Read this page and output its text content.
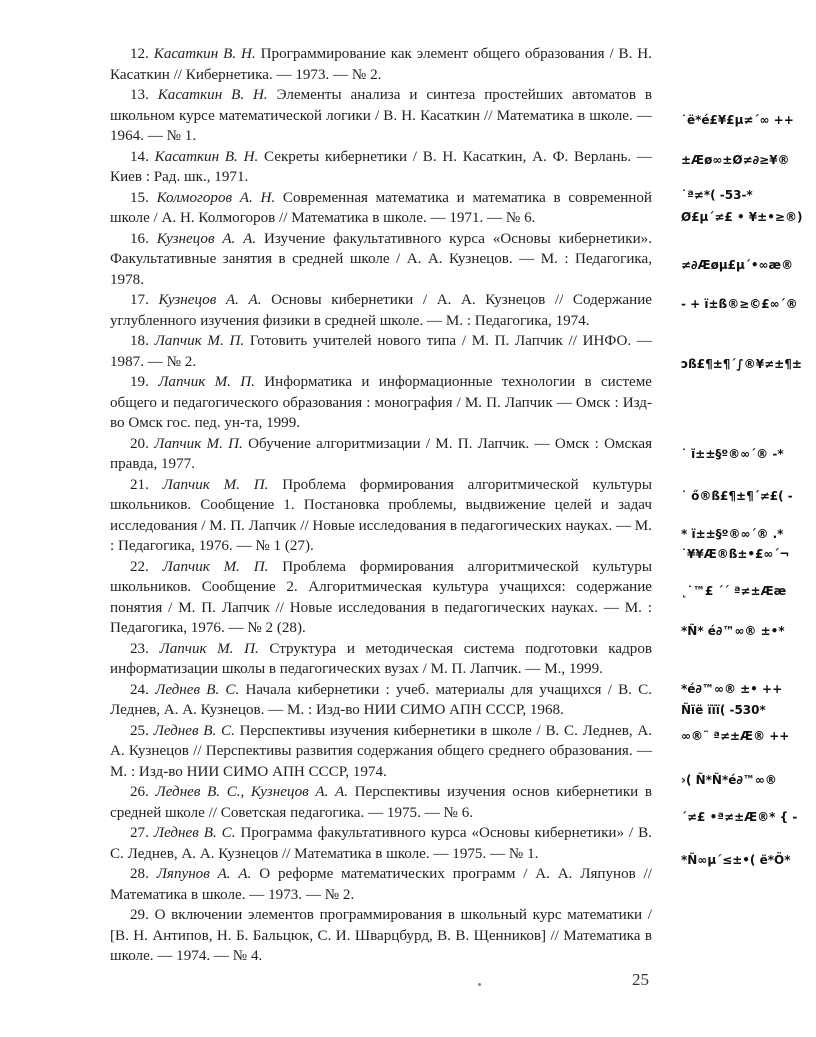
12. Касаткин В. Н. Программирование как элемент общего образования / В. Н. Касаткин // Кибернетика. — 1973. — № 2.

13. Касаткин В. Н. Элементы анализа и синтеза простейших автоматов в школьном курсе математической логики / В. Н. Касаткин // Математика в школе. — 1964. — № 1.

14. Касаткин В. Н. Секреты кибернетики / В. Н. Касаткин, А. Ф. Верлань. — Киев : Рад. шк., 1971.

15. Колмогоров А. Н. Современная математика и математика в современной школе / А. Н. Колмогоров // Математика в школе. — 1971. — № 6.

16. Кузнецов А. А. Изучение факультативного курса «Основы кибернетики». Факультативные занятия в средней школе / А. А. Кузнецов. — М. : Педагогика, 1978.

17. Кузнецов А. А. Основы кибернетики / А. А. Кузнецов // Содержание углубленного изучения физики в средней школе. — М. : Педагогика, 1974.

18. Лапчик М. П. Готовить учителей нового типа / М. П. Лапчик // ИНФО. — 1987. — № 2.

19. Лапчик М. П. Информатика и информационные технологии в системе общего и педагогического образования : монография / М. П. Лапчик — Омск : Изд-во Омск гос. пед. ун-та, 1999.

20. Лапчик М. П. Обучение алгоритмизации / М. П. Лапчик. — Омск : Омская правда, 1977.

21. Лапчик М. П. Проблема формирования алгоритмической культуры школьников. Сообщение 1. Постановка проблемы, выдвижение целей и задач исследования / М. П. Лапчик // Новые исследования в педагогических науках. — М. : Педагогика, 1976. — № 1 (27).

22. Лапчик М. П. Проблема формирования алгоритмической культуры школьников. Сообщение 2. Алгоритмическая культура учащихся: содержание понятия / М. П. Лапчик // Новые исследования в педагогических науках. — М. : Педагогика, 1976. — № 2 (28).

23. Лапчик М. П. Структура и методическая система подготовки кадров информатизации школы в педагогических вузах / М. П. Лапчик. — М., 1999.

24. Леднев В. С. Начала кибернетики : учеб. материалы для учащихся / В. С. Леднев, А. А. Кузнецов. — М. : Изд-во НИИ СИМО АПН СССР, 1968.

25. Леднев В. С. Перспективы изучения кибернетики в школе / В. С. Леднев, А. А. Кузнецов // Перспективы развития содержания общего среднего образования. — М. : Изд-во НИИ СИМО АПН СССР, 1974.

26. Леднев В. С., Кузнецов А. А. Перспективы изучения основ кибернетики в средней школе // Советская педагогика. — 1975. — № 6.

27. Леднев В. С. Программа факультативного курса «Основы кибернетики» / В. С. Леднев, А. А. Кузнецов // Математика в школе. — 1975. — № 1.

28. Ляпунов А. А. О реформе математических программ / А. А. Ляпунов // Математика в школе. — 1973. — № 2.

29. О включении элементов программирования в школьный курс математики / [В. Н. Антипов, Н. Б. Бальцюк, С. И. Шварцбурд, В. В. Щенников] // Математика в школе. — 1974. — № 4.

25
˙ë*é£¥£µ≠´∞ ++
±Æø∞±Ø≠∂≥¥®
˙ª≠*( -53-*
Ø£µ´≠£ • ¥±•≥®)
≠∂Æøµ£µ´•∞æ®
- + ï±ß®≥©£∞´®
ɔß£¶±¶´∫®¥≠±¶±
˙ ï±±§º®∞´® -*
˙ ő®ß£¶±¶´≠£( -
* ï±±§º®∞´® .*
˙¥¥Æ®ß±•£∞´¬
˛˙™£ ´´ ª≠±Ææ
*Ñ* é∂™∞® ±•*
*é∂™∞® ±• ++
Ñïë ïïï( -530*
∞®¨ ª≠±Æ® ++
›( Ñ*Ñ*é∂™∞®
´≠£ •ª≠±Æ®* { -
*Ñ∞µ´≤±•( ë*Ö*
